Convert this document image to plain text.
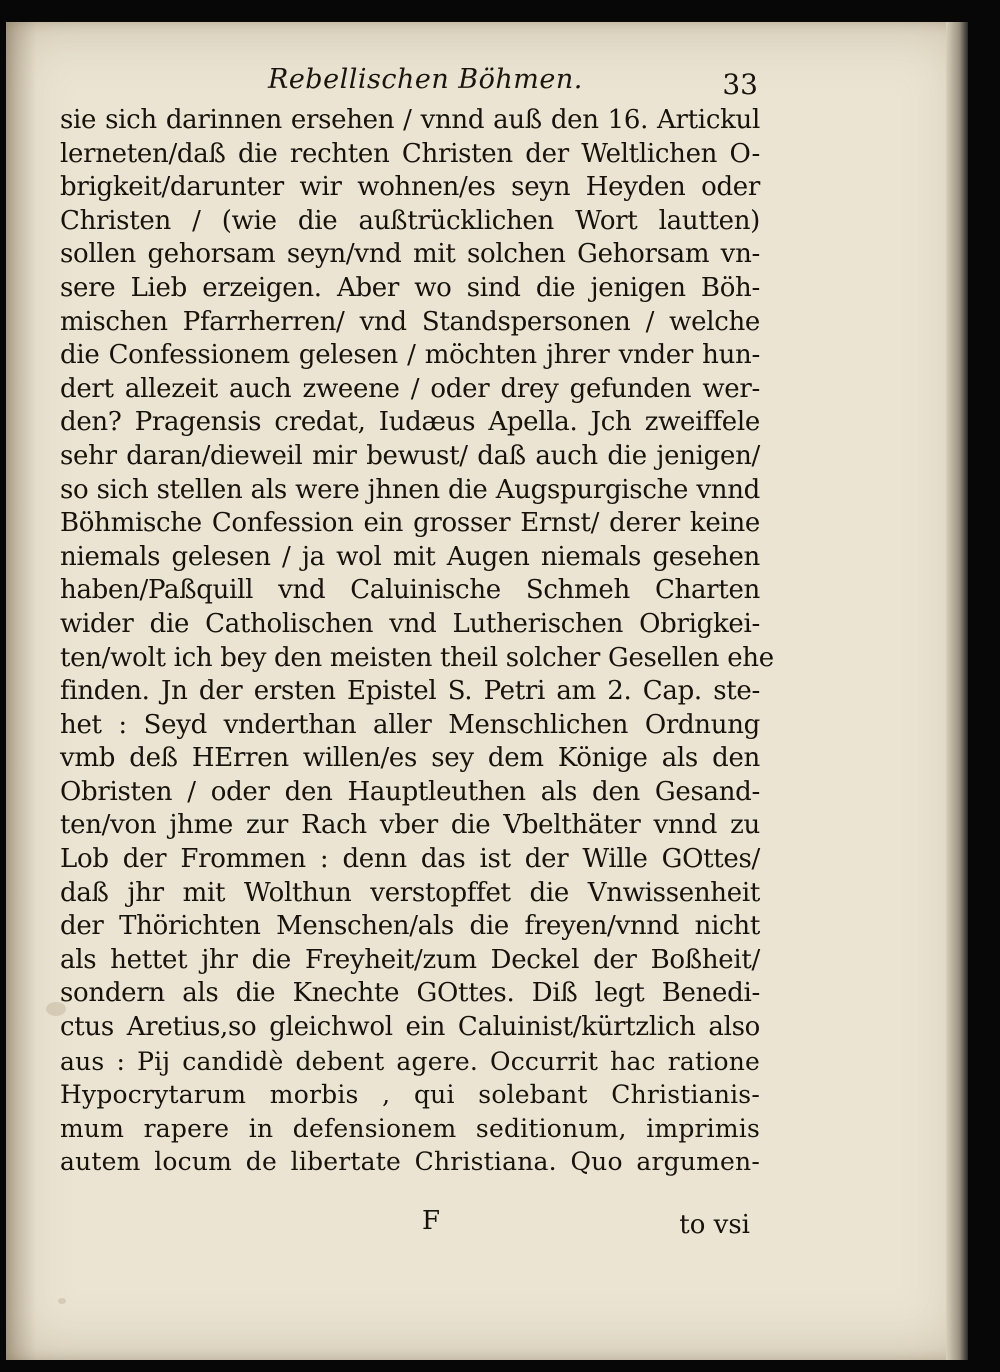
Rebellischen Böhmen.	33
sie sich darinnen ersehen / vnnd auß den 16. Artickul
lerneten/daß die rechten Christen der Weltlichen O-
brigkeit/darunter wir wohnen/es seyn Heyden oder
Christen / (wie die außtrücklichen Wort lautten)
sollen gehorsam seyn/vnd mit solchen Gehorsam vn-
sere Lieb erzeigen. Aber wo sind die jenigen Böh-
mischen Pfarrherren/ vnd Standspersonen / welche
die Confessionem gelesen / möchten jhrer vnder hun-
dert allezeit auch zweene / oder drey gefunden wer-
den? Pragensis credat, Iudæus Apella. Jch zweiffele
sehr daran/dieweil mir bewust/ daß auch die jenigen/
so sich stellen als were jhnen die Augspurgische vnnd
Böhmische Confession ein grosser Ernst/ derer keine
niemals gelesen / ja wol mit Augen niemals gesehen
haben/Paßquill vnd Caluinische Schmeh Charten
wider die Catholischen vnd Lutherischen Obrigkei-
ten/wolt ich bey den meisten theil solcher Gesellen ehe
finden. Jn der ersten Epistel S. Petri am 2. Cap. ste-
het : Seyd vnderthan aller Menschlichen Ordnung
vmb deß HErren willen/es sey dem Könige als den
Obristen / oder den Hauptleuthen als den Gesand-
ten/von jhme zur Rach vber die Vbelthäter vnnd zu
Lob der Frommen : denn das ist der Wille GOttes/
daß jhr mit Wolthun verstopffet die Vnwissenheit
der Thörichten Menschen/als die freyen/vnnd nicht
als hettet jhr die Freyheit/zum Deckel der Boßheit/
sondern als die Knechte GOttes. Diß legt Benedi-
ctus Aretius,so gleichwol ein Caluinist/kürtzlich also
aus : Pij candidè debent agere. Occurrit hac ratione
Hypocrytarum morbis , qui solebant Christianis-
mum rapere in defensionem seditionum, imprimis
autem locum de libertate Christiana. Quo argumen-
F	to vsi
